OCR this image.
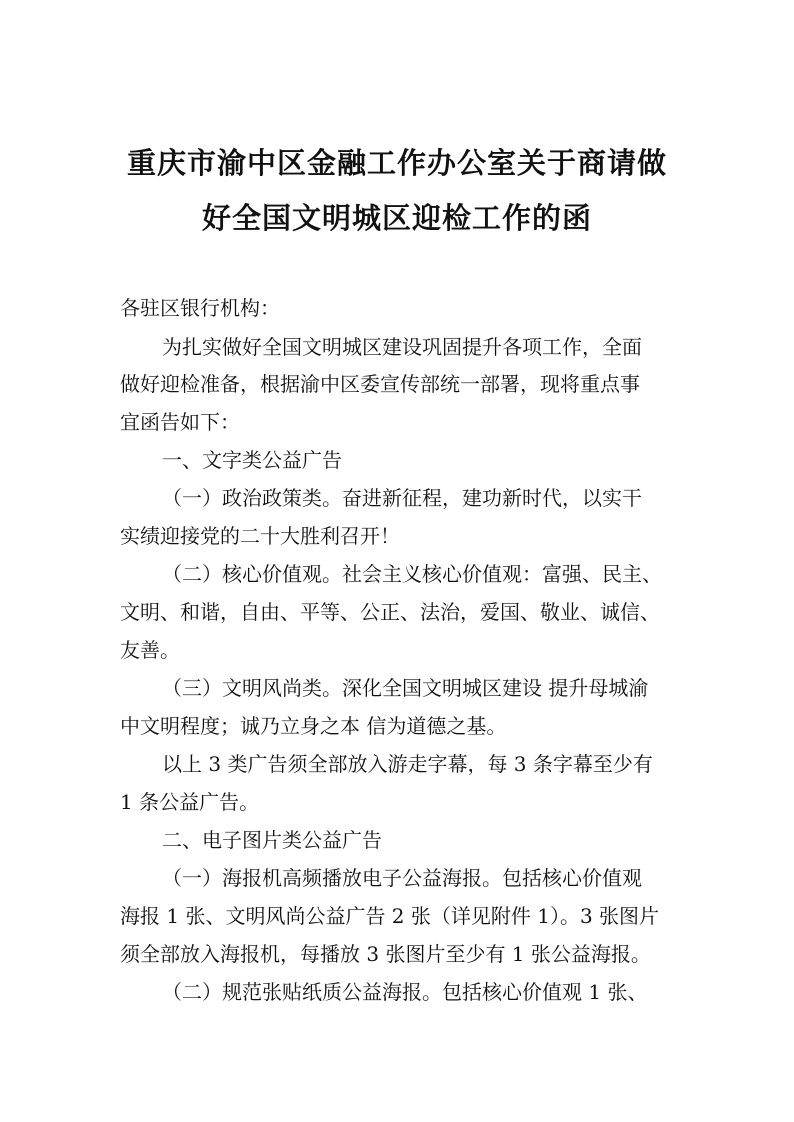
重庆市渝中区金融工作办公室关于商请做
好全国文明城区迎检工作的函
各驻区银行机构：
为扎实做好全国文明城区建设巩固提升各项工作，全面
做好迎检准备，根据渝中区委宣传部统一部署，现将重点事
宜函告如下：
一、文字类公益广告
（一）政治政策类。奋进新征程，建功新时代，以实干
实绩迎接党的二十大胜利召开！
（二）核心价值观。社会主义核心价值观：富强、民主、
文明、和谐，自由、平等、公正、法治，爱国、敬业、诚信、
友善。
（三）文明风尚类。深化全国文明城区建设 提升母城渝
中文明程度；诚乃立身之本 信为道德之基。
以上 3 类广告须全部放入游走字幕，每 3 条字幕至少有
1 条公益广告。
二、电子图片类公益广告
（一）海报机高频播放电子公益海报。包括核心价值观
海报 1 张、文明风尚公益广告 2 张（详见附件 1）。3 张图片
须全部放入海报机，每播放 3 张图片至少有 1 张公益海报。
（二）规范张贴纸质公益海报。包括核心价值观 1 张、
